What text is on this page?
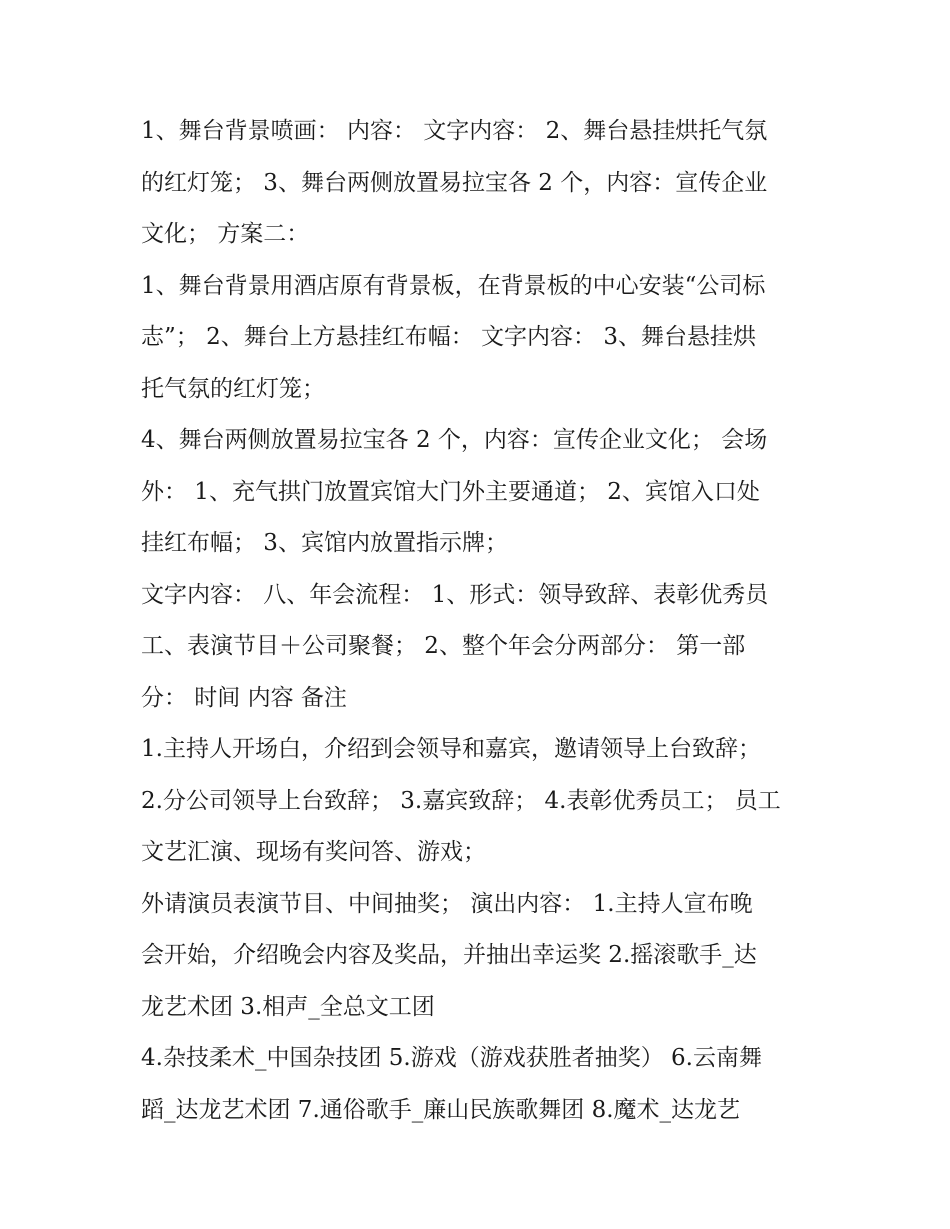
1、舞台背景喷画： 内容： 文字内容： 2、舞台悬挂烘托气氛
的红灯笼； 3、舞台两侧放置易拉宝各 2 个，内容：宣传企业
文化； 方案二：
1、舞台背景用酒店原有背景板，在背景板的中心安装“公司标
志”； 2、舞台上方悬挂红布幅： 文字内容： 3、舞台悬挂烘
托气氛的红灯笼；
4、舞台两侧放置易拉宝各 2 个，内容：宣传企业文化； 会场
外： 1、充气拱门放置宾馆大门外主要通道； 2、宾馆入口处
挂红布幅； 3、宾馆内放置指示牌；
文字内容： 八、年会流程： 1、形式：领导致辞、表彰优秀员
工、表演节目＋公司聚餐； 2、整个年会分两部分： 第一部
分： 时间 内容 备注
1.主持人开场白，介绍到会领导和嘉宾，邀请领导上台致辞；
2.分公司领导上台致辞； 3.嘉宾致辞； 4.表彰优秀员工； 员工
文艺汇演、现场有奖问答、游戏；
外请演员表演节目、中间抽奖； 演出内容： 1.主持人宣布晚
会开始，介绍晚会内容及奖品，并抽出幸运奖 2.摇滚歌手_达
龙艺术团 3.相声_全总文工团
4.杂技柔术_中国杂技团 5.游戏（游戏获胜者抽奖） 6.云南舞
蹈_达龙艺术团 7.通俗歌手_廉山民族歌舞团 8.魔术_达龙艺
